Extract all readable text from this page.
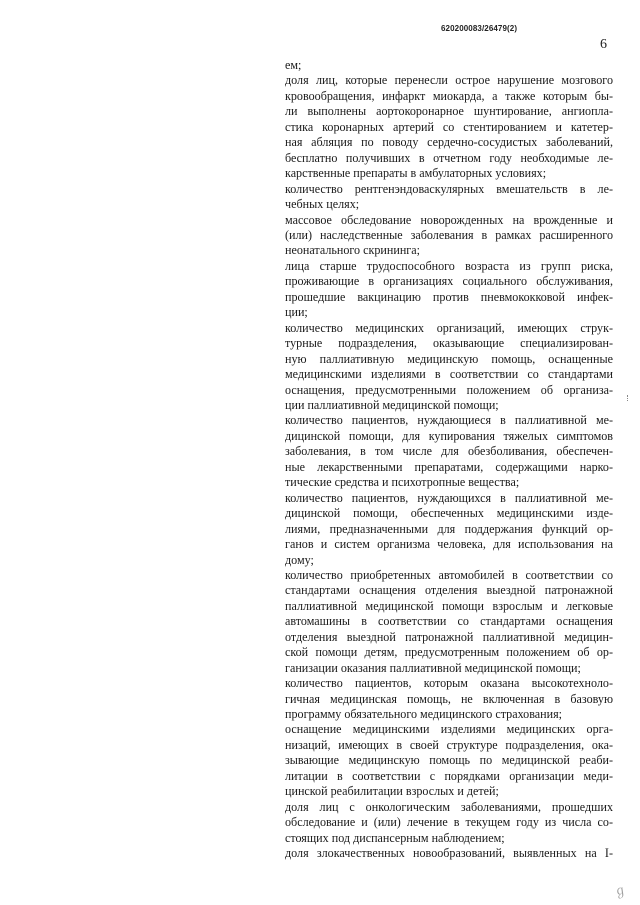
620200083/26479(2)
6
ем;
доля лиц, которые перенесли острое нарушение мозгового
кровообращения, инфаркт миокарда, а также которым бы-
ли выполнены аортокоронарное шунтирование, ангиопла-
стика коронарных артерий со стентированием и катетер-
ная абляция по поводу сердечно-сосудистых заболеваний,
бесплатно получивших в отчетном году необходимые ле-
карственные препараты в амбулаторных условиях;
количество рентгенэндоваскулярных вмешательств в ле-
чебных целях;
массовое обследование новорожденных на врожденные и
(или) наследственные заболевания в рамках расширенного
неонатального скрининга;
лица старше трудоспособного возраста из групп риска,
проживающие в организациях социального обслуживания,
прошедшие вакцинацию против пневмококковой инфек-
ции;
количество медицинских организаций, имеющих струк-
турные подразделения, оказывающие специализирован-
ную паллиативную медицинскую помощь, оснащенные
медицинскими изделиями в соответствии со стандартами
оснащения, предусмотренными положением об организа-
ции паллиативной медицинской помощи;
количество пациентов, нуждающиеся в паллиативной ме-
дицинской помощи, для купирования тяжелых симптомов
заболевания, в том числе для обезболивания, обеспечен-
ные лекарственными препаратами, содержащими нарко-
тические средства и психотропные вещества;
количество пациентов, нуждающихся в паллиативной ме-
дицинской помощи, обеспеченных медицинскими изде-
лиями, предназначенными для поддержания функций ор-
ганов и систем организма человека, для использования на
дому;
количество приобретенных автомобилей в соответствии со
стандартами оснащения отделения выездной патронажной
паллиативной медицинской помощи взрослым и легковые
автомашины в соответствии со стандартами оснащения
отделения выездной патронажной паллиативной медицин-
ской помощи детям, предусмотренным положением об ор-
ганизации оказания паллиативной медицинской помощи;
количество пациентов, которым оказана высокотехноло-
гичная медицинская помощь, не включенная в базовую
программу обязательного медицинского страхования;
оснащение медицинскими изделиями медицинских орга-
низаций, имеющих в своей структуре подразделения, ока-
зывающие медицинскую помощь по медицинской реаби-
литации в соответствии с порядками организации меди-
цинской реабилитации взрослых и детей;
доля лиц с онкологическим заболеваниями, прошедших
обследование и (или) лечение в текущем году из числа со-
стоящих под диспансерным наблюдением;
доля злокачественных новообразований, выявленных на I-
ℊ
